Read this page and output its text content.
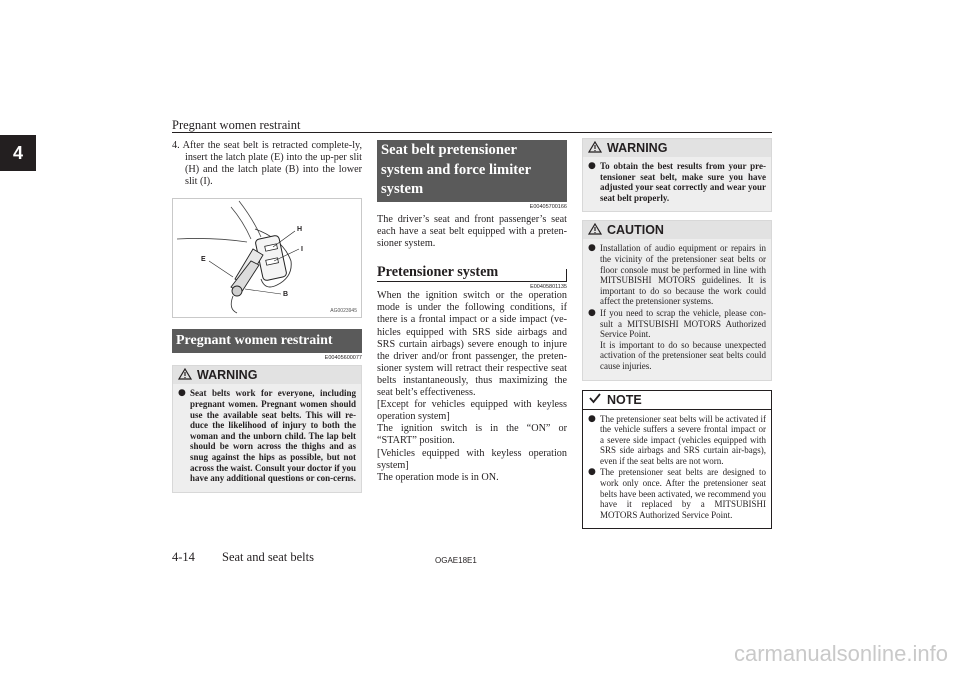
Pregnant women restraint
4	4. After the seat belt is retracted complete-ly, insert the latch plate (E) into the up-per slit (H) and the latch plate (B) into the lower slit (I).

H
I
E
B
AG0023945
Pregnant women restraint
E00405600077
WARNING

● Seat belts work for everyone, including pregnant women. Pregnant women should use the available seat belts. This will re-duce the likelihood of injury to both the woman and the unborn child. The lap belt should be worn across the thighs and as snug against the hips as possible, but not across the waist. Consult your doctor if you have any additional questions or con-cerns.

Seat belt pretensioner
system and force limiter
system
E00405700166

The driver’s seat and front passenger’s seat each have a seat belt equipped with a preten-sioner system.

Pretensioner system
E00405801135

When the ignition switch or the operation mode is under the following conditions, if there is a frontal impact or a side impact (ve-hicles equipped with SRS side airbags and SRS curtain airbags) severe enough to injure the driver and/or front passenger, the preten-sioner system will retract their respective seat belts instantaneously, thus maximizing the seat belt’s effectiveness.

[Except for vehicles equipped with keyless operation system]

The ignition switch is in the “ON” or “START” position.

[Vehicles equipped with keyless operation system]

The operation mode is in ON.

WARNING

● To obtain the best results from your pre-tensioner seat belt, make sure you have adjusted your seat correctly and wear your seat belt properly.

CAUTION

● Installation of audio equipment or repairs in the vicinity of the pretensioner seat belts or floor console must be performed in line with MITSUBISHI MOTORS guidelines. It is important to do so because the work could affect the pretensioner systems.

● If you need to scrap the vehicle, please con-sult a MITSUBISHI MOTORS Authorized Service Point.
It is important to do so because unexpected activation of the pretensioner seat belts could cause injuries.

NOTE

● The pretensioner seat belts will be activated if the vehicle suffers a severe frontal impact or a severe side impact (vehicles equipped with SRS side airbags and SRS curtain air-bags), even if the seat belts are not worn.

● The pretensioner seat belts are designed to work only once. After the pretensioner seat belts have been activated, we recommend you have it replaced by a MITSUBISHI MOTORS Authorized Service Point.

4-14 Seat and seat belts	OGAE18E1
carmanualsonline.info
